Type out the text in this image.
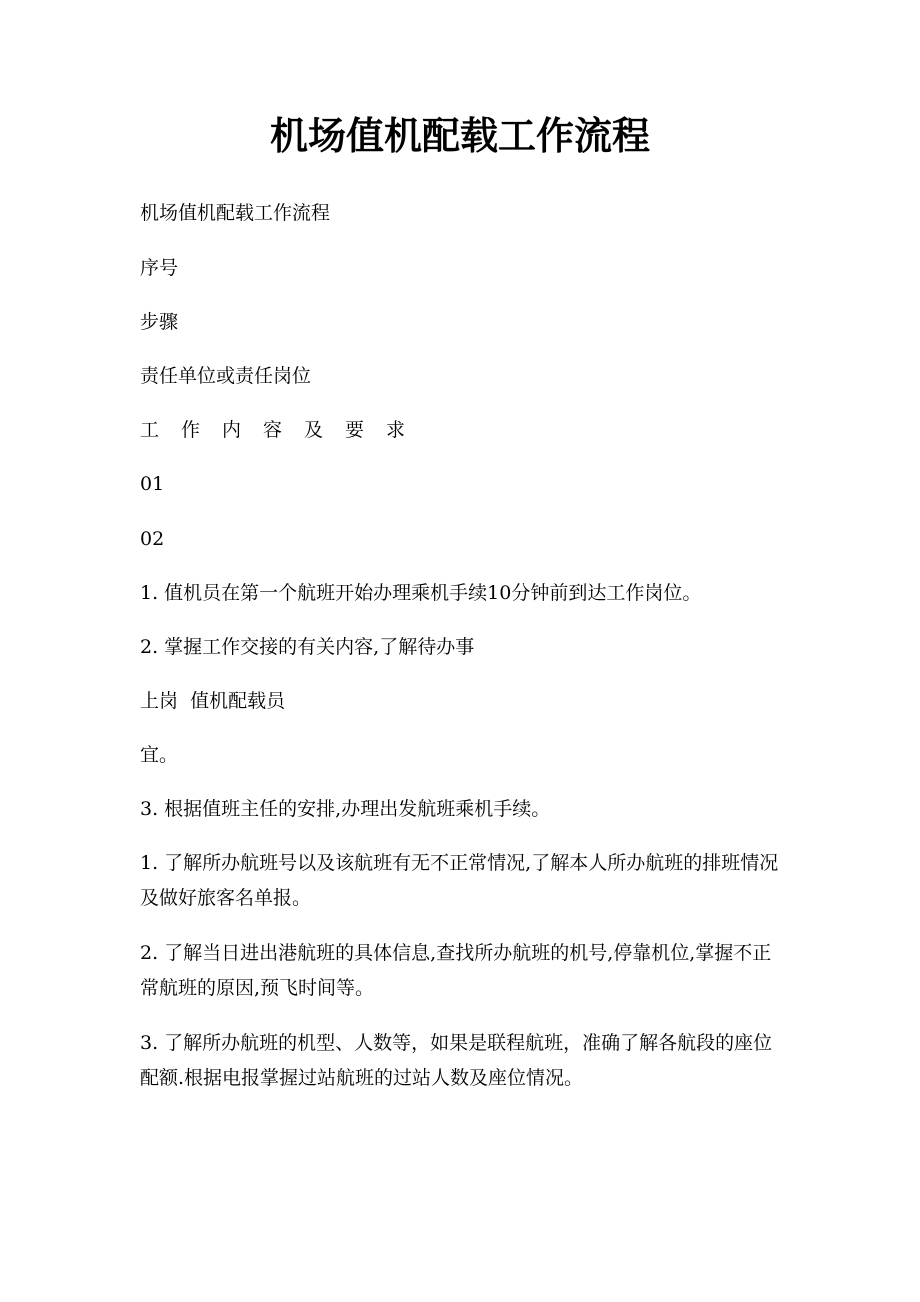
机场值机配载工作流程

机场值机配载工作流程

序号

步骤

责任单位或责任岗位

工作内容及要求

01

02

1. 值机员在第一个航班开始办理乘机手续10分钟前到达工作岗位。

2. 掌握工作交接的有关内容,了解待办事

上岗  值机配载员

宜。

3. 根据值班主任的安排,办理出发航班乘机手续。

1. 了解所办航班号以及该航班有无不正常情况,了解本人所办航班的排班情况及做好旅客名单报。

2. 了解当日进出港航班的具体信息,查找所办航班的机号,停靠机位,掌握不正常航班的原因,预飞时间等。

3. 了解所办航班的机型、人数等，如果是联程航班，准确了解各航段的座位配额.根据电报掌握过站航班的过站人数及座位情况。
